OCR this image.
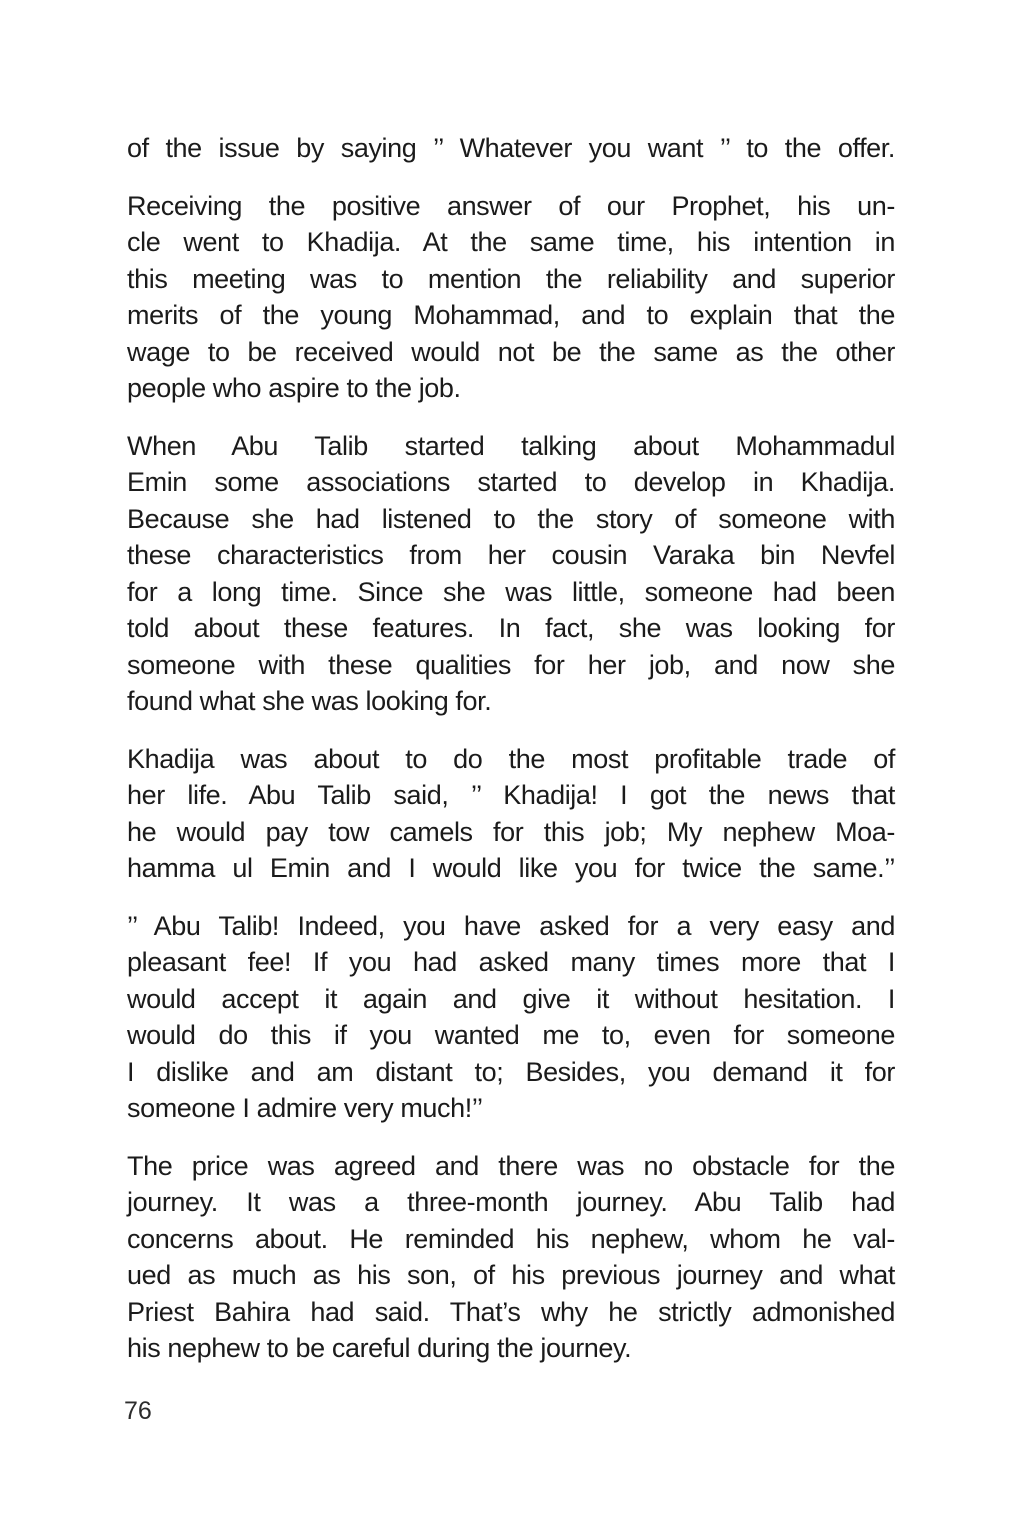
of the issue by saying ’’ Whatever you want ’’ to the offer.
Receiving the positive answer of our Prophet, his un-
cle went to Khadija. At the same time, his intention in
this meeting was to mention the reliability and superior
merits of the young Mohammad, and to explain that the
wage to be received would not be the same as the other
people who aspire to the job.
When Abu Talib started talking about Mohammadul
Emin some associations started to develop in Khadija.
Because she had listened to the story of someone with
these characteristics from her cousin Varaka bin Nevfel
for a long time. Since she was little, someone had been
told about these features. In fact, she was looking for
someone with these qualities for her job, and now she
found what she was looking for.
Khadija was about to do the most profitable trade of
her life. Abu Talib said, ’’ Khadija! I got the news that
he would pay tow camels for this job; My nephew Moa-
hamma ul Emin and I would like you for twice the same.’’
’’ Abu Talib! Indeed, you have asked for a very easy and
pleasant fee! If you had asked many times more that I
would accept it again and give it without hesitation. I
would do this if you wanted me to, even for someone
I dislike and am distant to; Besides, you demand it for
someone I admire very much!’’
The price was agreed and there was no obstacle for the
journey. It was a three-month journey. Abu Talib had
concerns about. He reminded his nephew, whom he val-
ued as much as his son, of his previous journey and what
Priest Bahira had said. That’s why he strictly admonished
his nephew to be careful during the journey.
76
